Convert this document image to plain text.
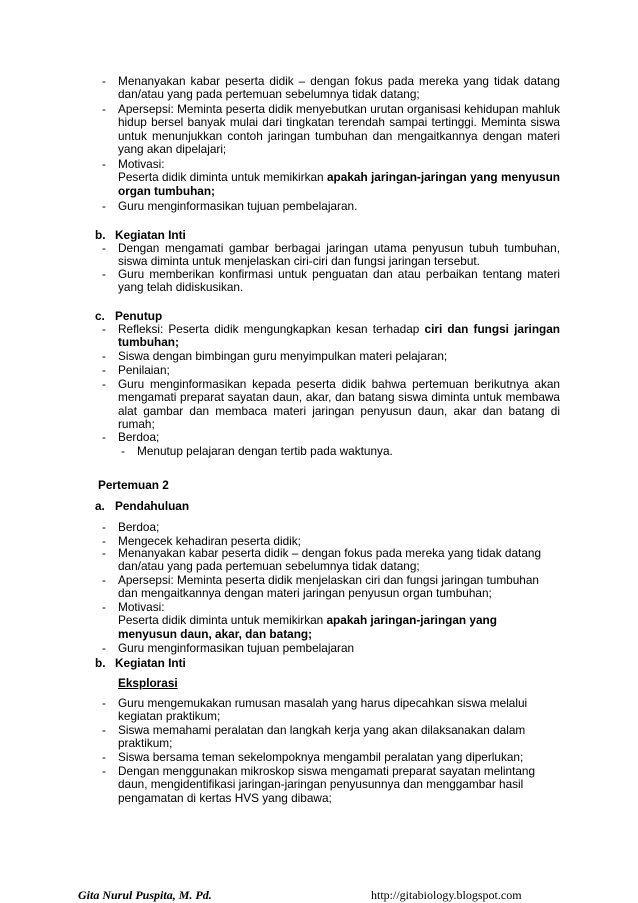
- Menanyakan kabar peserta didik – dengan fokus pada mereka yang tidak datang dan/atau yang pada pertemuan sebelumnya tidak datang;
- Apersepsi: Meminta peserta didik menyebutkan urutan organisasi kehidupan mahluk hidup bersel banyak mulai dari tingkatan terendah sampai tertinggi. Meminta siswa untuk menunjukkan contoh jaringan tumbuhan dan mengaitkannya dengan materi yang akan dipelajari;
- Motivasi:
Peserta didik diminta untuk memikirkan apakah jaringan-jaringan yang menyusun organ tumbuhan;
- Guru menginformasikan tujuan pembelajaran.
b. Kegiatan Inti
- Dengan mengamati gambar berbagai jaringan utama penyusun tubuh tumbuhan, siswa diminta untuk menjelaskan ciri-ciri dan fungsi jaringan tersebut.
- Guru memberikan konfirmasi untuk penguatan dan atau perbaikan tentang materi yang telah didiskusikan.
c. Penutup
- Refleksi: Peserta didik mengungkapkan kesan terhadap ciri dan fungsi jaringan tumbuhan;
- Siswa dengan bimbingan guru menyimpulkan materi pelajaran;
- Penilaian;
- Guru menginformasikan kepada peserta didik bahwa pertemuan berikutnya akan mengamati preparat sayatan daun, akar, dan batang siswa diminta untuk membawa alat gambar dan membaca materi jaringan penyusun daun, akar dan batang di rumah;
- Berdoa;
- Menutup pelajaran dengan tertib pada waktunya.
Pertemuan 2
a. Pendahuluan
- Berdoa;
- Mengecek kehadiran peserta didik;
- Menanyakan kabar peserta didik – dengan fokus pada mereka yang tidak datang dan/atau yang pada pertemuan sebelumnya tidak datang;
- Apersepsi: Meminta peserta didik menjelaskan ciri dan fungsi jaringan tumbuhan dan mengaitkannya dengan materi jaringan penyusun organ tumbuhan;
- Motivasi:
Peserta didik diminta untuk memikirkan apakah jaringan-jaringan yang menyusun daun, akar, dan batang;
- Guru menginformasikan tujuan pembelajaran
b. Kegiatan Inti
Eksplorasi
- Guru mengemukakan rumusan masalah yang harus dipecahkan siswa melalui kegiatan praktikum;
- Siswa memahami peralatan dan langkah kerja yang akan dilaksanakan dalam praktikum;
- Siswa bersama teman sekelompoknya mengambil peralatan yang diperlukan;
- Dengan menggunakan mikroskop siswa mengamati preparat sayatan melintang daun, mengidentifikasi jaringan-jaringan penyusunnya dan menggambar hasil pengamatan di kertas HVS yang dibawa;
Gita Nurul Puspita, M. Pd.	http://gitabiology.blogspot.com
